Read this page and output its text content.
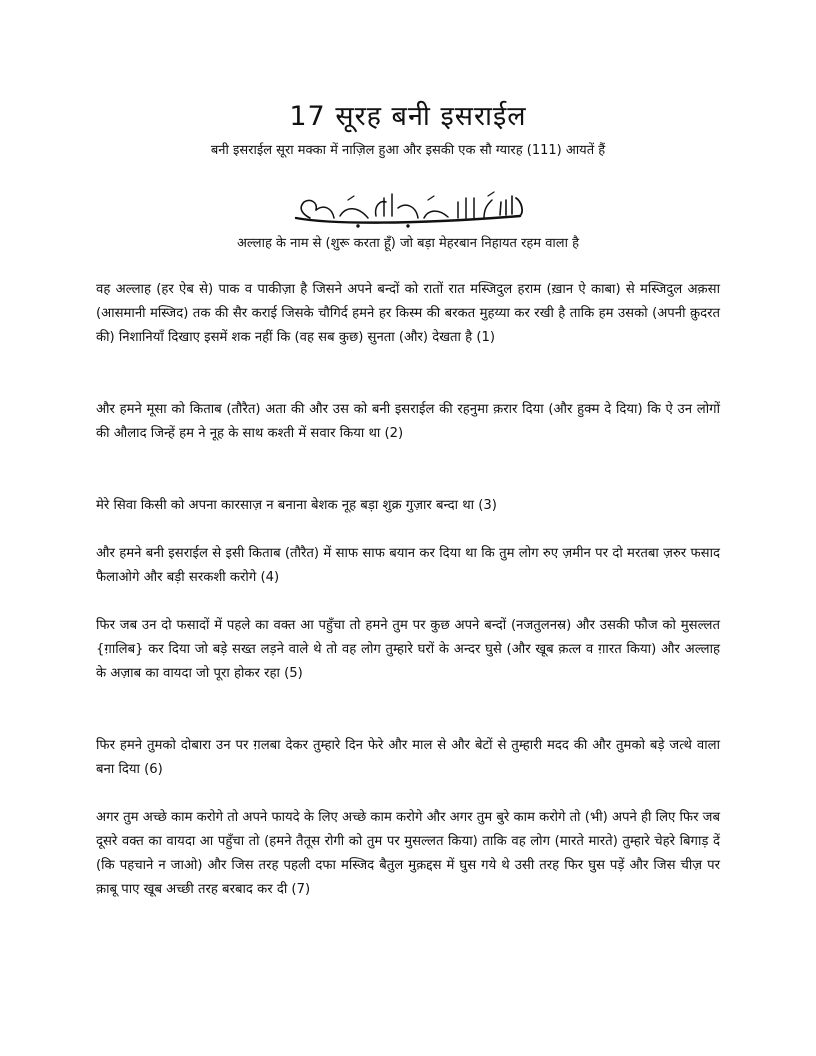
17 सूरह बनी इसराईल

बनी इसराईल सूरा मक्का में नाज़िल हुआ और इसकी एक सौ ग्यारह (111) आयतें हैं

अल्लाह के नाम से (शुरू करता हूँ) जो बड़ा मेहरबान निहायत रहम वाला है

वह अल्लाह (हर ऐब से) पाक व पाकीज़ा है जिसने अपने बन्दों को रातों रात मस्जिदुल हराम (ख़ान ऐ काबा) से मस्जिदुल अक़सा (आसमानी मस्जिद) तक की सैर कराई जिसके चौगिर्द हमने हर किस्म की बरकत मुहय्या कर रखी है ताकि हम उसको (अपनी क़ुदरत की) निशानियाँ दिखाए इसमें शक नहीं कि (वह सब कुछ) सुनता (और) देखता है (1)

और हमने मूसा को किताब (तौरैत) अता की और उस को बनी इसराईल की रहनुमा क़रार दिया (और हुक्म दे दिया) कि ऐ उन लोगों की औलाद जिन्हें हम ने नूह के साथ कश्ती में सवार किया था (2)

मेरे सिवा किसी को अपना कारसाज़ न बनाना बेशक नूह बड़ा शुक्र गुज़ार बन्दा था (3)

और हमने बनी इसराईल से इसी किताब (तौरैत) में साफ साफ बयान कर दिया था कि तुम लोग रुए ज़मीन पर दो मरतबा ज़रुर फसाद फैलाओगे और बड़ी सरकशी करोगे (4)

फिर जब उन दो फसादों में पहले का वक्त आ पहुँचा तो हमने तुम पर कुछ अपने बन्दों (नजतुलनस्र) और उसकी फौज को मुसल्लत {ग़ालिब} कर दिया जो बड़े सख्त लड़ने वाले थे तो वह लोग तुम्हारे घरों के अन्दर घुसे (और खूब क़त्ल व ग़ारत किया) और अल्लाह के अज़ाब का वायदा जो पूरा होकर रहा (5)

फिर हमने तुमको दोबारा उन पर ग़लबा देकर तुम्हारे दिन फेरे और माल से और बेटों से तुम्हारी मदद की और तुमको बड़े जत्थे वाला बना दिया (6)

अगर तुम अच्छे काम करोगे तो अपने फायदे के लिए अच्छे काम करोगे और अगर तुम बुरे काम करोगे तो (भी) अपने ही लिए फिर जब दूसरे वक्त का वायदा आ पहुँचा तो (हमने तैतूस रोगी को तुम पर मुसल्लत किया) ताकि वह लोग (मारते मारते) तुम्हारे चेहरे बिगाड़ दें (कि पहचाने न जाओ) और जिस तरह पहली दफा मस्जिद बैतुल मुक़द्दस में घुस गये थे उसी तरह फिर घुस पड़ें और जिस चीज़ पर क़ाबू पाए खूब अच्छी तरह बरबाद कर दी (7)
